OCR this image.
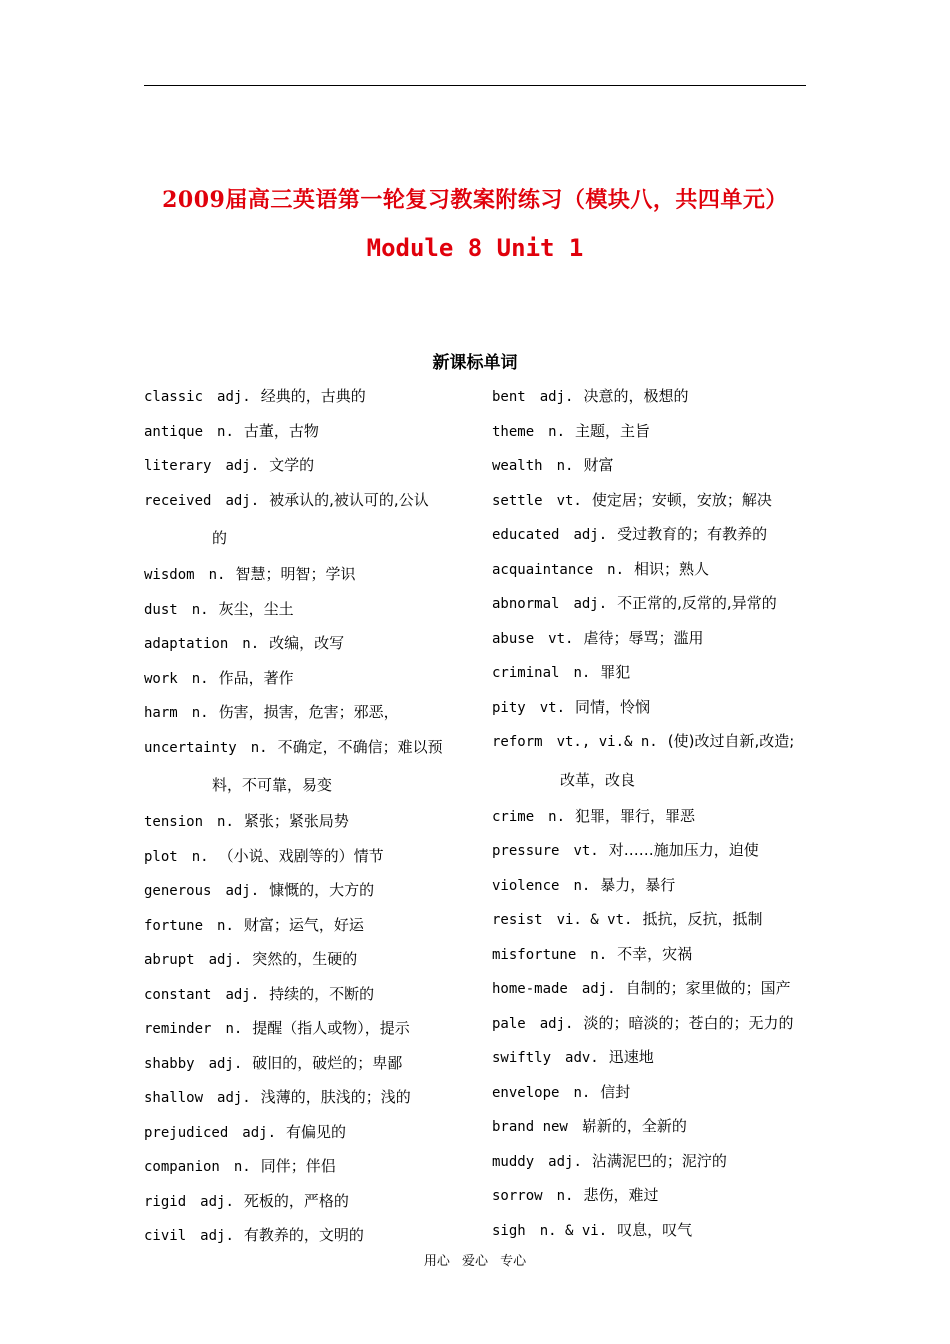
2009届高三英语第一轮复习教案附练习（模块八，共四单元）
Module 8 Unit 1
新课标单词
classic adj. 经典的，古典的
antique n. 古董，古物
literary adj. 文学的
received adj. 被承认的,被认可的,公认
的
wisdom n. 智慧；明智；学识
dust n. 灰尘，尘土
adaptation n. 改编，改写
work n. 作品，著作
harm n. 伤害，损害，危害；邪恶，
uncertainty n. 不确定，不确信；难以预
料，不可靠，易变
tension n. 紧张；紧张局势
plot n. （小说、戏剧等的）情节
generous adj. 慷慨的，大方的
fortune n. 财富；运气，好运
abrupt adj. 突然的，生硬的
constant adj. 持续的，不断的
reminder n. 提醒（指人或物），提示
shabby adj. 破旧的，破烂的；卑鄙
shallow adj. 浅薄的，肤浅的；浅的
prejudiced adj. 有偏见的
companion n. 同伴；伴侣
rigid adj. 死板的，严格的
civil adj. 有教养的，文明的
bent adj. 决意的，极想的
theme n. 主题，主旨
wealth n. 财富
settle vt. 使定居；安顿，安放；解决
educated adj. 受过教育的；有教养的
acquaintance n. 相识；熟人
abnormal adj. 不正常的,反常的,异常的
abuse vt. 虐待；辱骂；滥用
criminal n. 罪犯
pity vt. 同情，怜悯
reform vt., vi.& n. (使)改过自新,改造;
改革，改良
crime n. 犯罪，罪行，罪恶
pressure vt. 对……施加压力，迫使
violence n. 暴力，暴行
resist vi. & vt. 抵抗，反抗，抵制
misfortune n. 不幸，灾祸
home-made adj. 自制的；家里做的；国产
pale adj. 淡的；暗淡的；苍白的；无力的
swiftly adv. 迅速地
envelope n. 信封
brand new 崭新的，全新的
muddy adj. 沾满泥巴的；泥泞的
sorrow n. 悲伤，难过
sigh n. & vi. 叹息，叹气
用心 爱心 专心
